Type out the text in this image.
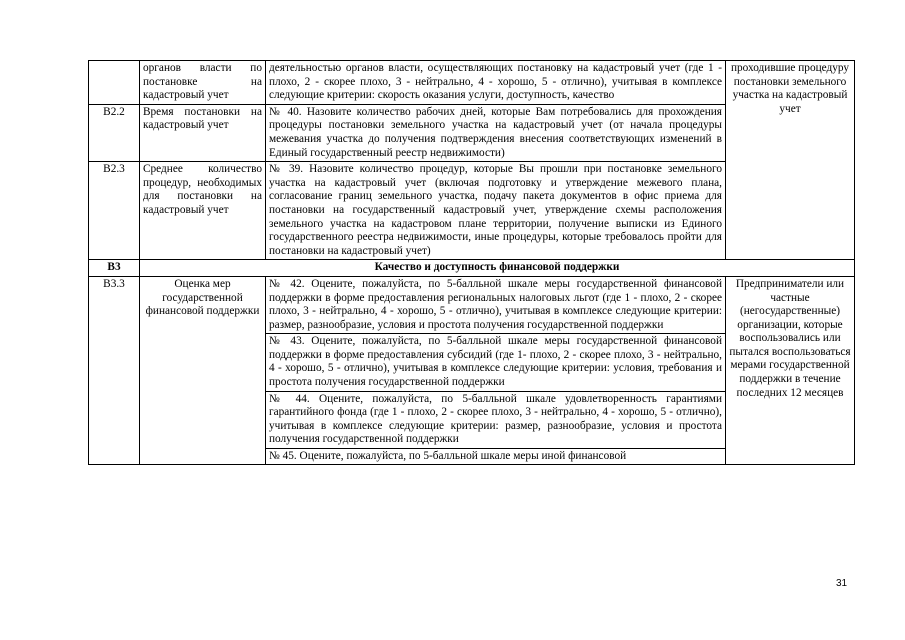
	органов власти по постановке на кадастровый учет	деятельностью органов власти, осуществляющих постановку на кадастровый учет (где 1 - плохо, 2 - скорее плохо, 3 - нейтрально, 4 - хорошо, 5 - отлично), учитывая в комплексе следующие критерии: скорость оказания услуги, доступность, качество	проходившие процедуру постановки земельного участка на кадастровый учет
В2.2	Время постановки на кадастровый учет	№ 40. Назовите количество рабочих дней, которые Вам потребовались для прохождения процедуры постановки земельного участка на кадастровый учет (от начала процедуры межевания участка до получения подтверждения внесения соответствующих изменений в Единый государственный реестр недвижимости)	
В2.3	Среднее количество процедур, необходимых для постановки на кадастровый учет	№ 39. Назовите количество процедур, которые Вы прошли при постановке земельного участка на кадастровый учет (включая подготовку и утверждение межевого плана, согласование границ земельного участка, подачу пакета документов в офис приема для постановки на государственный кадастровый учет, утверждение схемы расположения земельного участка на кадастровом плане территории, получение выписки из Единого государственного реестра недвижимости, иные процедуры, которые требовалось пройти для постановки на кадастровый учет)	
В3	Качество и доступность финансовой поддержки		
В3.3	Оценка мер государственной финансовой поддержки	№ 42. Оцените, пожалуйста, по 5-балльной шкале меры государственной финансовой поддержки в форме предоставления региональных налоговых льгот (где 1 - плохо, 2 - скорее плохо, 3 - нейтрально, 4 - хорошо, 5 - отлично), учитывая в комплексе следующие критерии: размер, разнообразие, условия и простота получения государственной поддержки	Предприниматели или частные (негосударственные) организации, которые воспользовались или пытался воспользоваться мерами государственной поддержки в течение последних 12 месяцев
		№ 43. Оцените, пожалуйста, по 5-балльной шкале меры государственной финансовой поддержки в форме предоставления субсидий (где 1- плохо, 2 - скорее плохо, 3 - нейтрально, 4 - хорошо, 5 - отлично), учитывая в комплексе следующие критерии: условия, требования и простота получения государственной поддержки	
		№ 44. Оцените, пожалуйста, по 5-балльной шкале удовлетворенность гарантиями гарантийного фонда (где 1 - плохо, 2 - скорее плохо, 3 - нейтрально, 4 - хорошо, 5 - отлично), учитывая в комплексе следующие критерии: размер, разнообразие, условия и простота получения государственной поддержки	
		№ 45. Оцените, пожалуйста, по 5-балльной шкале меры иной финансовой	
31
